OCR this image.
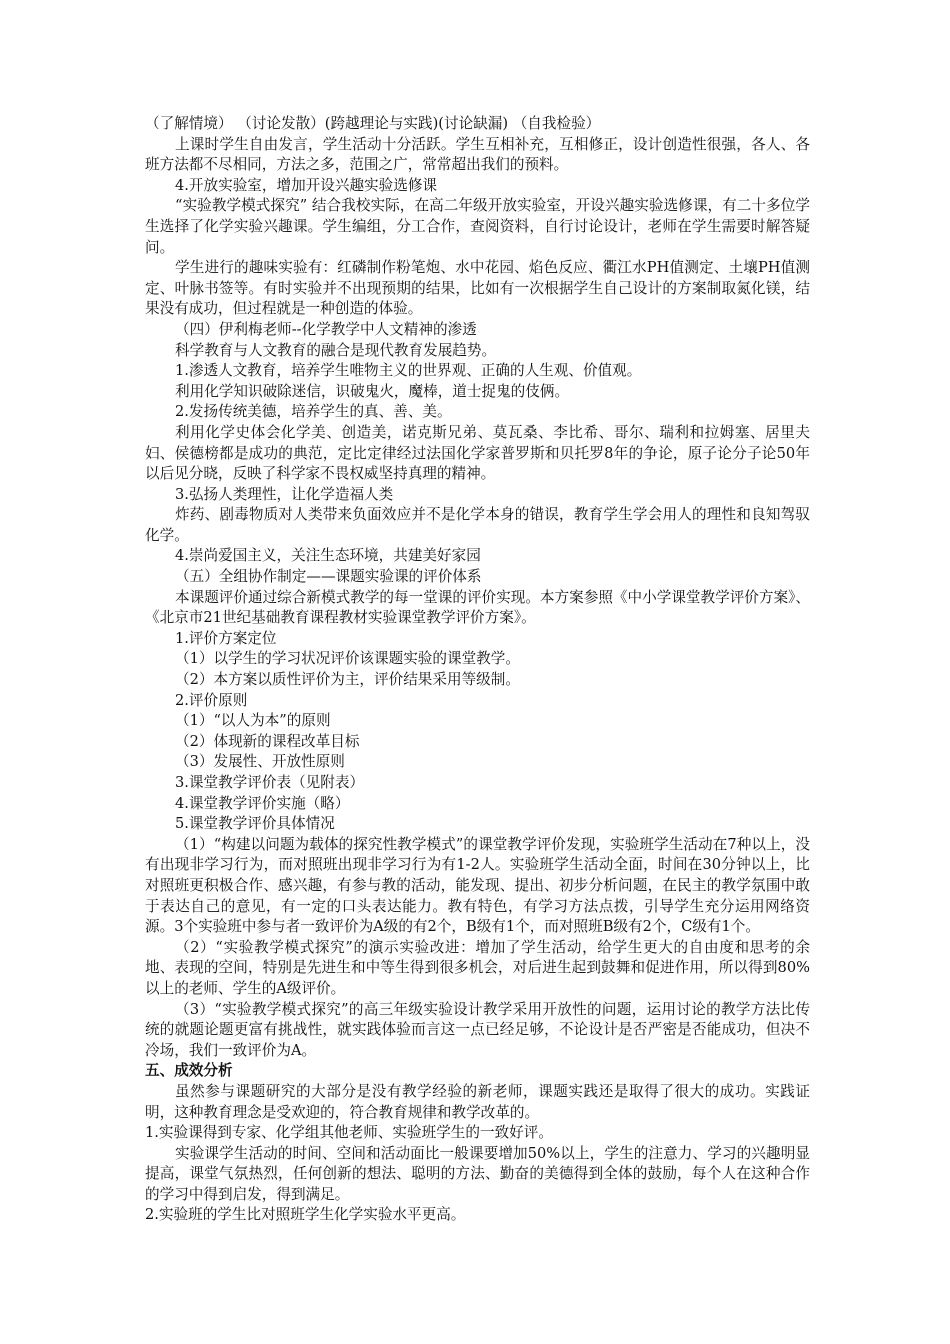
（了解情境） （讨论发散）(跨越理论与实践)(讨论缺漏) （自我检验）
上课时学生自由发言，学生活动十分活跃。学生互相补充，互相修正，设计创造性很强，各人、各班方法都不尽相同，方法之多，范围之广，常常超出我们的预料。
4.开放实验室，增加开设兴趣实验选修课
“实验教学模式探究” 结合我校实际，在高二年级开放实验室，开设兴趣实验选修课，有二十多位学生选择了化学实验兴趣课。学生编组，分工合作，查阅资料，自行讨论设计，老师在学生需要时解答疑问。
学生进行的趣味实验有：红磷制作粉笔炮、水中花园、焰色反应、衢江水PH值测定、土壤PH值测定、叶脉书签等。有时实验并不出现预期的结果，比如有一次根据学生自己设计的方案制取氮化镁，结果没有成功，但过程就是一种创造的体验。
（四）伊利梅老师--化学教学中人文精神的渗透
科学教育与人文教育的融合是现代教育发展趋势。
1.渗透人文教育，培养学生唯物主义的世界观、正确的人生观、价值观。
利用化学知识破除迷信，识破鬼火，魔棒，道士捉鬼的伎俩。
2.发扬传统美德，培养学生的真、善、美。
利用化学史体会化学美、创造美，诺克斯兄弟、莫瓦桑、李比希、哥尔、瑞利和拉姆塞、居里夫妇、侯德榜都是成功的典范，定比定律经过法国化学家普罗斯和贝托罗8年的争论，原子论分子论50年以后见分晓，反映了科学家不畏权威坚持真理的精神。
3.弘扬人类理性，让化学造福人类
炸药、剧毒物质对人类带来负面效应并不是化学本身的错误，教育学生学会用人的理性和良知驾驭化学。
4.崇尚爱国主义，关注生态环境，共建美好家园
（五）全组协作制定——课题实验课的评价体系
本课题评价通过综合新模式教学的每一堂课的评价实现。本方案参照《中小学课堂教学评价方案》、《北京市21世纪基础教育课程教材实验课堂教学评价方案》。
1.评价方案定位
（1）以学生的学习状况评价该课题实验的课堂教学。
（2）本方案以质性评价为主，评价结果采用等级制。
2.评价原则
（1）“以人为本”的原则
（2）体现新的课程改革目标
（3）发展性、开放性原则
3.课堂教学评价表（见附表）
4.课堂教学评价实施（略）
5.课堂教学评价具体情况
（1）“构建以问题为载体的探究性教学模式”的课堂教学评价发现，实验班学生活动在7种以上，没有出现非学习行为，而对照班出现非学习行为有1-2人。实验班学生活动全面，时间在30分钟以上，比对照班更积极合作、感兴趣，有参与教的活动，能发现、提出、初步分析问题，在民主的教学氛围中敢于表达自己的意见，有一定的口头表达能力。教有特色，有学习方法点拨，引导学生充分运用网络资源。3个实验班中参与者一致评价为A级的有2个，B级有1个，而对照班B级有2个，C级有1个。
（2）“实验教学模式探究”的演示实验改进：增加了学生活动，给学生更大的自由度和思考的余地、表现的空间，特别是先进生和中等生得到很多机会，对后进生起到鼓舞和促进作用，所以得到80%以上的老师、学生的A级评价。
（3）“实验教学模式探究”的高三年级实验设计教学采用开放性的问题，运用讨论的教学方法比传统的就题论题更富有挑战性，就实践体验而言这一点已经足够，不论设计是否严密是否能成功，但决不冷场，我们一致评价为A。
五、成效分析
虽然参与课题研究的大部分是没有教学经验的新老师，课题实践还是取得了很大的成功。实践证明，这种教育理念是受欢迎的，符合教育规律和教学改革的。
1.实验课得到专家、化学组其他老师、实验班学生的一致好评。
实验课学生活动的时间、空间和活动面比一般课要增加50%以上，学生的注意力、学习的兴趣明显提高，课堂气氛热烈，任何创新的想法、聪明的方法、勤奋的美德得到全体的鼓励，每个人在这种合作的学习中得到启发，得到满足。
2.实验班的学生比对照班学生化学实验水平更高。
